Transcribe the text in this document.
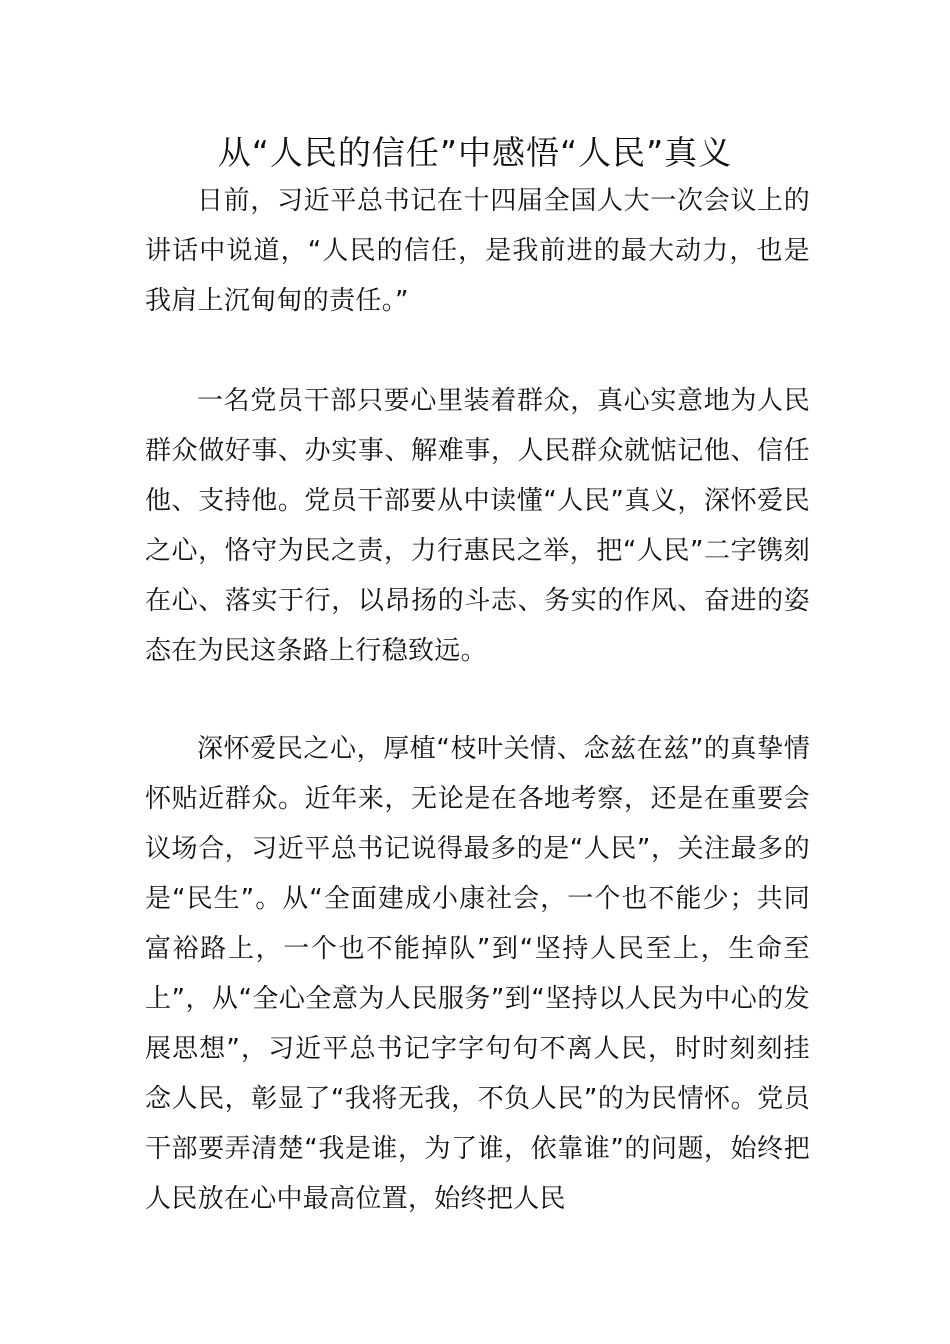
从“人民的信任”中感悟“人民”真义

日前，习近平总书记在十四届全国人大一次会议上的讲话中说道，“人民的信任，是我前进的最大动力，也是我肩上沉甸甸的责任。”

一名党员干部只要心里装着群众，真心实意地为人民群众做好事、办实事、解难事，人民群众就惦记他、信任他、支持他。党员干部要从中读懂“人民”真义，深怀爱民之心，恪守为民之责，力行惠民之举，把“人民”二字镌刻在心、落实于行，以昂扬的斗志、务实的作风、奋进的姿态在为民这条路上行稳致远。

深怀爱民之心，厚植“枝叶关情、念兹在兹”的真挚情怀贴近群众。近年来，无论是在各地考察，还是在重要会议场合，习近平总书记说得最多的是“人民”，关注最多的是“民生”。从“全面建成小康社会，一个也不能少；共同富裕路上，一个也不能掉队”到“坚持人民至上，生命至上”，从“全心全意为人民服务”到“坚持以人民为中心的发展思想”，习近平总书记字字句句不离人民，时时刻刻挂念人民，彰显了“我将无我，不负人民”的为民情怀。党员干部要弄清楚“我是谁，为了谁，依靠谁”的问题，始终把人民放在心中最高位置，始终把人民
